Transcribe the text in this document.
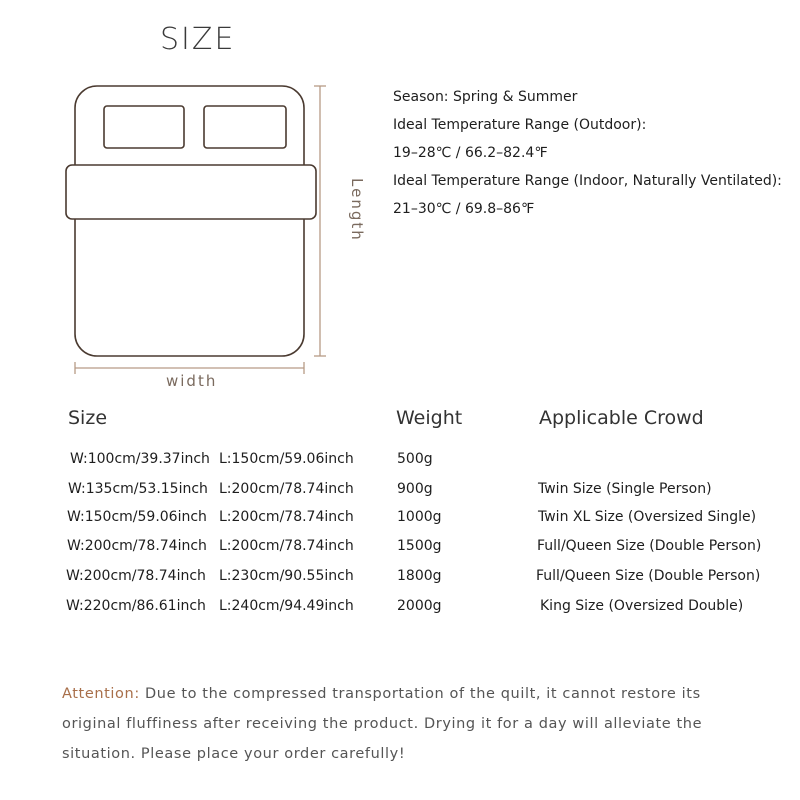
SIZE
width
Length
Season: Spring & Summer
Ideal Temperature Range (Outdoor):
19–28℃ / 66.2–82.4℉
Ideal Temperature Range (Indoor, Naturally Ventilated):
21–30℃ / 69.8–86℉
Size	Weight	Applicable Crowd
W:100cm/39.37inch L:150cm/59.06inch	500g
W:135cm/53.15inch L:200cm/78.74inch	900g	Twin Size (Single Person)
W:150cm/59.06inch L:200cm/78.74inch	1000g	Twin XL Size (Oversized Single)
W:200cm/78.74inch L:200cm/78.74inch	1500g	Full/Queen Size (Double Person)
W:200cm/78.74inch L:230cm/90.55inch	1800g	Full/Queen Size (Double Person)
W:220cm/86.61inch L:240cm/94.49inch	2000g	King Size (Oversized Double)
Attention: Due to the compressed transportation of the quilt, it cannot restore its
original fluffiness after receiving the product. Drying it for a day will alleviate the
situation. Please place your order carefully!
